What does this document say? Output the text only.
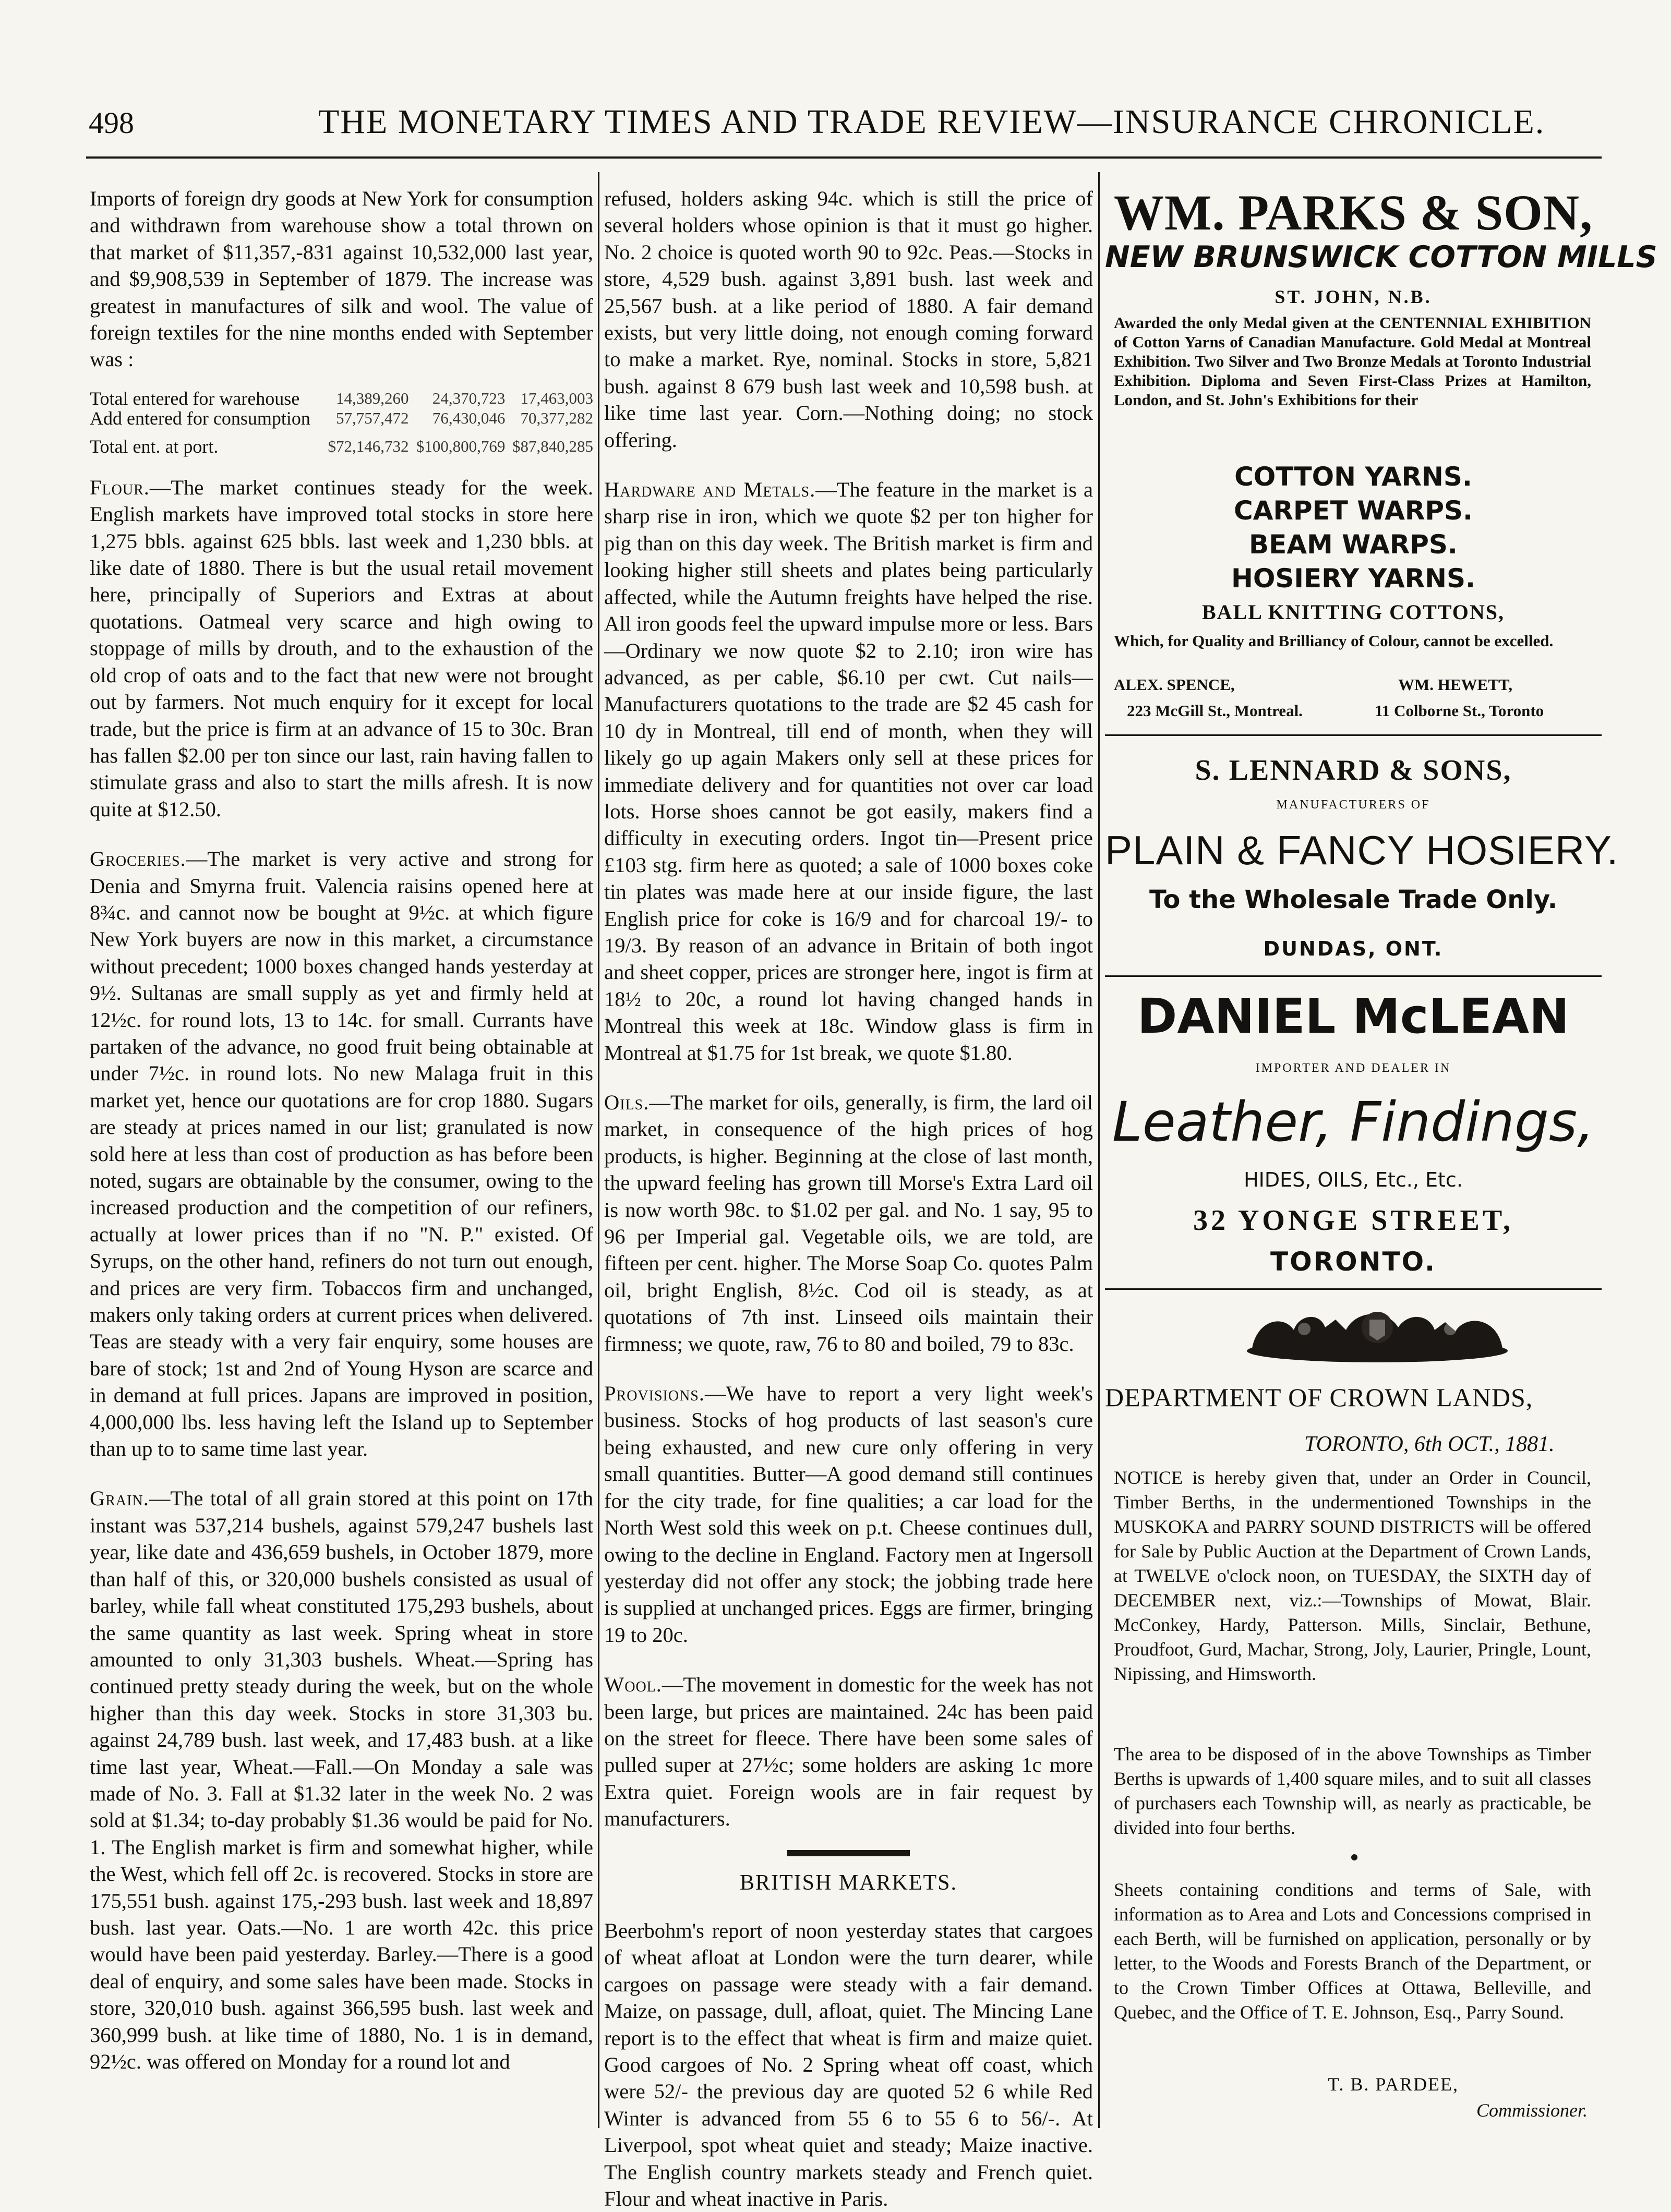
498	THE MONETARY TIMES AND TRADE REVIEW—INSURANCE CHRONICLE.

Imports of foreign dry goods at New York for consumption and withdrawn from warehouse show a total thrown on that market of $11,357,-831 against 10,532,000 last year, and $9,908,539 in September of 1879. The increase was greatest in manufactures of silk and wool. The value of foreign textiles for the nine months ended with September was :

Total entered for warehouse	14,389,260	24,370,723	17,463,003
Add entered for consumption	57,757,472	76,430,046	70,377,282
Total ent. at port.	$72,146,732	$100,800,769	$87,840,285

Flour.—The market continues steady for the week. English markets have improved total stocks in store here 1,275 bbls. against 625 bbls. last week and 1,230 bbls. at like date of 1880. There is but the usual retail movement here, principally of Superiors and Extras at about quotations. Oatmeal very scarce and high owing to stoppage of mills by drouth, and to the exhaustion of the old crop of oats and to the fact that new were not brought out by farmers. Not much enquiry for it except for local trade, but the price is firm at an advance of 15 to 30c. Bran has fallen $2.00 per ton since our last, rain having fallen to stimulate grass and also to start the mills afresh. It is now quite at $12.50.

Groceries.—The market is very active and strong for Denia and Smyrna fruit. Valencia raisins opened here at 8¾c. and cannot now be bought at 9½c. at which figure New York buyers are now in this market, a circumstance without precedent; 1000 boxes changed hands yesterday at 9½. Sultanas are small supply as yet and firmly held at 12½c. for round lots, 13 to 14c. for small. Currants have partaken of the advance, no good fruit being obtainable at under 7½c. in round lots. No new Malaga fruit in this market yet, hence our quotations are for crop 1880. Sugars are steady at prices named in our list; granulated is now sold here at less than cost of production as has before been noted, sugars are obtainable by the consumer, owing to the increased production and the competition of our refiners, actually at lower prices than if no "N. P." existed. Of Syrups, on the other hand, refiners do not turn out enough, and prices are very firm. Tobaccos firm and unchanged, makers only taking orders at current prices when delivered. Teas are steady with a very fair enquiry, some houses are bare of stock; 1st and 2nd of Young Hyson are scarce and in demand at full prices. Japans are improved in position, 4,000,000 lbs. less having left the Island up to September than up to to same time last year.

Grain.—The total of all grain stored at this point on 17th instant was 537,214 bushels, against 579,247 bushels last year, like date and 436,659 bushels, in October 1879, more than half of this, or 320,000 bushels consisted as usual of barley, while fall wheat constituted 175,293 bushels, about the same quantity as last week. Spring wheat in store amounted to only 31,303 bushels. Wheat.—Spring has continued pretty steady during the week, but on the whole higher than this day week. Stocks in store 31,303 bu. against 24,789 bush. last week, and 17,483 bush. at a like time last year, Wheat.—Fall.—On Monday a sale was made of No. 3. Fall at $1.32 later in the week No. 2 was sold at $1.34; to-day probably $1.36 would be paid for No. 1. The English market is firm and somewhat higher, while the West, which fell off 2c. is recovered. Stocks in store are 175,551 bush. against 175,-293 bush. last week and 18,897 bush. last year. Oats.—No. 1 are worth 42c. this price would have been paid yesterday. Barley.—There is a good deal of enquiry, and some sales have been made. Stocks in store, 320,010 bush. against 366,595 bush. last week and 360,999 bush. at like time of 1880, No. 1 is in demand, 92½c. was offered on Monday for a round lot and

refused, holders asking 94c. which is still the price of several holders whose opinion is that it must go higher. No. 2 choice is quoted worth 90 to 92c. Peas.—Stocks in store, 4,529 bush. against 3,891 bush. last week and 25,567 bush. at a like period of 1880. A fair demand exists, but very little doing, not enough coming forward to make a market. Rye, nominal. Stocks in store, 5,821 bush. against 8 679 bush last week and 10,598 bush. at like time last year. Corn.—Nothing doing; no stock offering.

Hardware and Metals.—The feature in the market is a sharp rise in iron, which we quote $2 per ton higher for pig than on this day week. The British market is firm and looking higher still sheets and plates being particularly affected, while the Autumn freights have helped the rise. All iron goods feel the upward impulse more or less. Bars—Ordinary we now quote $2 to 2.10; iron wire has advanced, as per cable, $6.10 per cwt. Cut nails—Manufacturers quotations to the trade are $2 45 cash for 10 dy in Montreal, till end of month, when they will likely go up again Makers only sell at these prices for immediate delivery and for quantities not over car load lots. Horse shoes cannot be got easily, makers find a difficulty in executing orders. Ingot tin—Present price £103 stg. firm here as quoted; a sale of 1000 boxes coke tin plates was made here at our inside figure, the last English price for coke is 16/9 and for charcoal 19/- to 19/3. By reason of an advance in Britain of both ingot and sheet copper, prices are stronger here, ingot is firm at 18½ to 20c, a round lot having changed hands in Montreal this week at 18c. Window glass is firm in Montreal at $1.75 for 1st break, we quote $1.80.

Oils.—The market for oils, generally, is firm, the lard oil market, in consequence of the high prices of hog products, is higher. Beginning at the close of last month, the upward feeling has grown till Morse's Extra Lard oil is now worth 98c. to $1.02 per gal. and No. 1 say, 95 to 96 per Imperial gal. Vegetable oils, we are told, are fifteen per cent. higher. The Morse Soap Co. quotes Palm oil, bright English, 8½c. Cod oil is steady, as at quotations of 7th inst. Linseed oils maintain their firmness; we quote, raw, 76 to 80 and boiled, 79 to 83c.

Provisions.—We have to report a very light week's business. Stocks of hog products of last season's cure being exhausted, and new cure only offering in very small quantities. Butter—A good demand still continues for the city trade, for fine qualities; a car load for the North West sold this week on p.t. Cheese continues dull, owing to the decline in England. Factory men at Ingersoll yesterday did not offer any stock; the jobbing trade here is supplied at unchanged prices. Eggs are firmer, bringing 19 to 20c.

Wool.—The movement in domestic for the week has not been large, but prices are maintained. 24c has been paid on the street for fleece. There have been some sales of pulled super at 27½c; some holders are asking 1c more Extra quiet. Foreign wools are in fair request by manufacturers.

BRITISH MARKETS.

Beerbohm's report of noon yesterday states that cargoes of wheat afloat at London were the turn dearer, while cargoes on passage were steady with a fair demand. Maize, on passage, dull, afloat, quiet. The Mincing Lane report is to the effect that wheat is firm and maize quiet. Good cargoes of No. 2 Spring wheat off coast, which were 52/- the previous day are quoted 52 6 while Red Winter is advanced from 55 6 to 55 6 to 56/-. At Liverpool, spot wheat quiet and steady; Maize inactive. The English country markets steady and French quiet. Flour and wheat inactive in Paris.

WM. PARKS & SON,
NEW BRUNSWICK COTTON MILLS
ST. JOHN, N.B.
Awarded the only Medal given at the CENTENNIAL EXHIBITION of Cotton Yarns of Canadian Manufacture. Gold Medal at Montreal Exhibition. Two Silver and Two Bronze Medals at Toronto Industrial Exhibition. Diploma and Seven First-Class Prizes at Hamilton, London, and St. John's Exhibitions for their
COTTON YARNS.
CARPET WARPS.
BEAM WARPS.
HOSIERY YARNS.
BALL KNITTING COTTONS,
Which, for Quality and Brilliancy of Colour, cannot be excelled.
ALEX. SPENCE,	WM. HEWETT,
223 McGill St., Montreal.	11 Colborne St., Toronto
S. LENNARD & SONS,
MANUFACTURERS OF
PLAIN & FANCY HOSIERY.
To the Wholesale Trade Only.
DUNDAS, ONT.
DANIEL McLEAN
IMPORTER AND DEALER IN
Leather, Findings,
HIDES, OILS, Etc., Etc.
32 YONGE STREET,
TORONTO.
DEPARTMENT OF CROWN LANDS,
TORONTO, 6th OCT., 1881.
NOTICE is hereby given that, under an Order in Council, Timber Berths, in the undermentioned Townships in the MUSKOKA and PARRY SOUND DISTRICTS will be offered for Sale by Public Auction at the Department of Crown Lands, at TWELVE o'clock noon, on TUESDAY, the SIXTH day of DECEMBER next, viz.:—Townships of Mowat, Blair. McConkey, Hardy, Patterson. Mills, Sinclair, Bethune, Proudfoot, Gurd, Machar, Strong, Joly, Laurier, Pringle, Lount, Nipissing, and Himsworth.
The area to be disposed of in the above Townships as Timber Berths is upwards of 1,400 square miles, and to suit all classes of purchasers each Township will, as nearly as practicable, be divided into four berths.
Sheets containing conditions and terms of Sale, with information as to Area and Lots and Concessions comprised in each Berth, will be furnished on application, personally or by letter, to the Woods and Forests Branch of the Department, or to the Crown Timber Offices at Ottawa, Belleville, and Quebec, and the Office of T. E. Johnson, Esq., Parry Sound.
T. B. PARDEE,
Commissioner.
